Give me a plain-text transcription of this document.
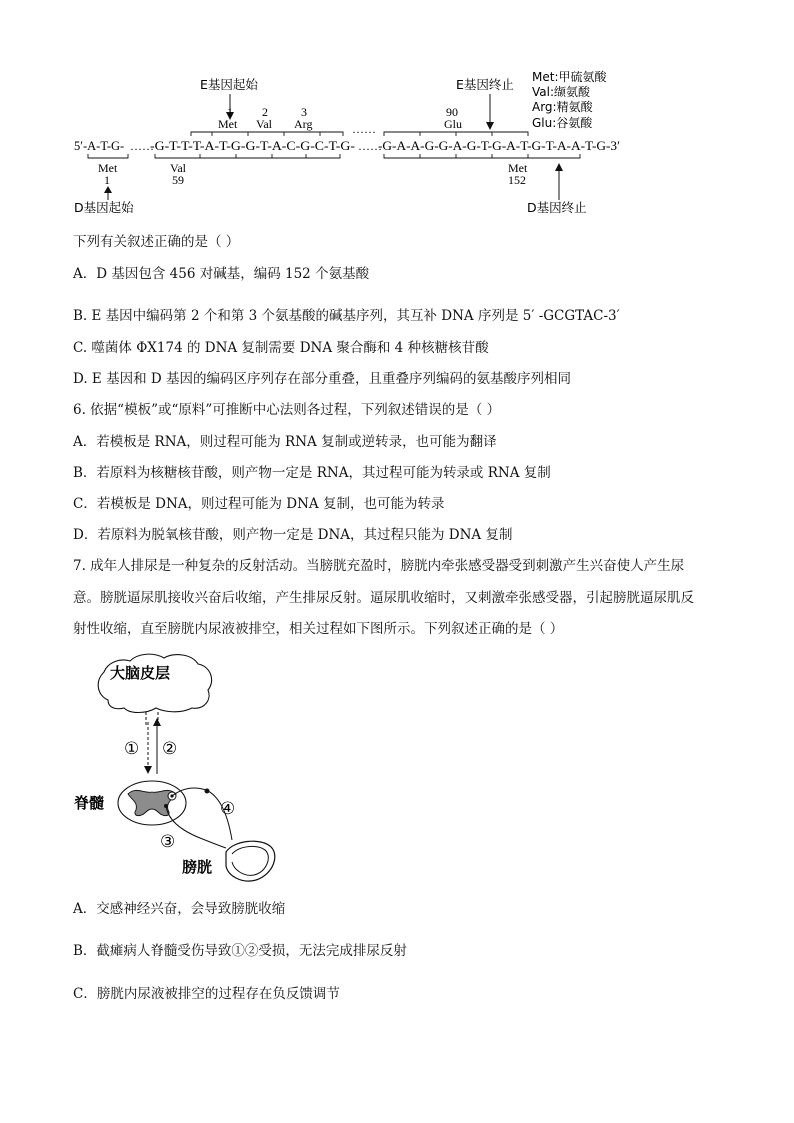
Met:甲硫氨酸
Val:缬氨酸
Arg:精氨酸
Glu:谷氨酸
E基因起始	E基因终止
1
Met
2
Val
3
Arg
90
Glu
……
5′-A-T-G- ……
-G-T-T-T-A-T-G-G-T-A-C-G-C-T-G- ……
-G-A-A-G-G-A-G-T-G-A-T-G-T-A-A-T-G-3′
Met
1
Val
59
Met
152
D基因起始	D基因终止
下列有关叙述正确的是（ ）
A．D 基因包含 456 对碱基，编码 152 个氨基酸
B. E 基因中编码第 2 个和第 3 个氨基酸的碱基序列，其互补 DNA 序列是 5′ -GCGTAC-3′
C. 噬菌体 ΦX174 的 DNA 复制需要 DNA 聚合酶和 4 种核糖核苷酸
D. E 基因和 D 基因的编码区序列存在部分重叠，且重叠序列编码的氨基酸序列相同
6. 依据“模板”或“原料”可推断中心法则各过程，下列叙述错误的是（ ）
A．若模板是 RNA，则过程可能为 RNA 复制或逆转录，也可能为翻译
B．若原料为核糖核苷酸，则产物一定是 RNA，其过程可能为转录或 RNA 复制
C．若模板是 DNA，则过程可能为 DNA 复制，也可能为转录
D．若原料为脱氧核苷酸，则产物一定是 DNA，其过程只能为 DNA 复制
7. 成年人排尿是一种复杂的反射活动。当膀胱充盈时，膀胱内牵张感受器受到刺激产生兴奋使人产生尿
意。膀胱逼尿肌接收兴奋后收缩，产生排尿反射。逼尿肌收缩时，又刺激牵张感受器，引起膀胱逼尿肌反
射性收缩，直至膀胱内尿液被排空，相关过程如下图所示。下列叙述正确的是（ ）
大脑皮层
① ②
脊髓	④
③
膀胱
A．交感神经兴奋，会导致膀胱收缩
B．截瘫病人脊髓受伤导致①②受损，无法完成排尿反射
C．膀胱内尿液被排空的过程存在负反馈调节
